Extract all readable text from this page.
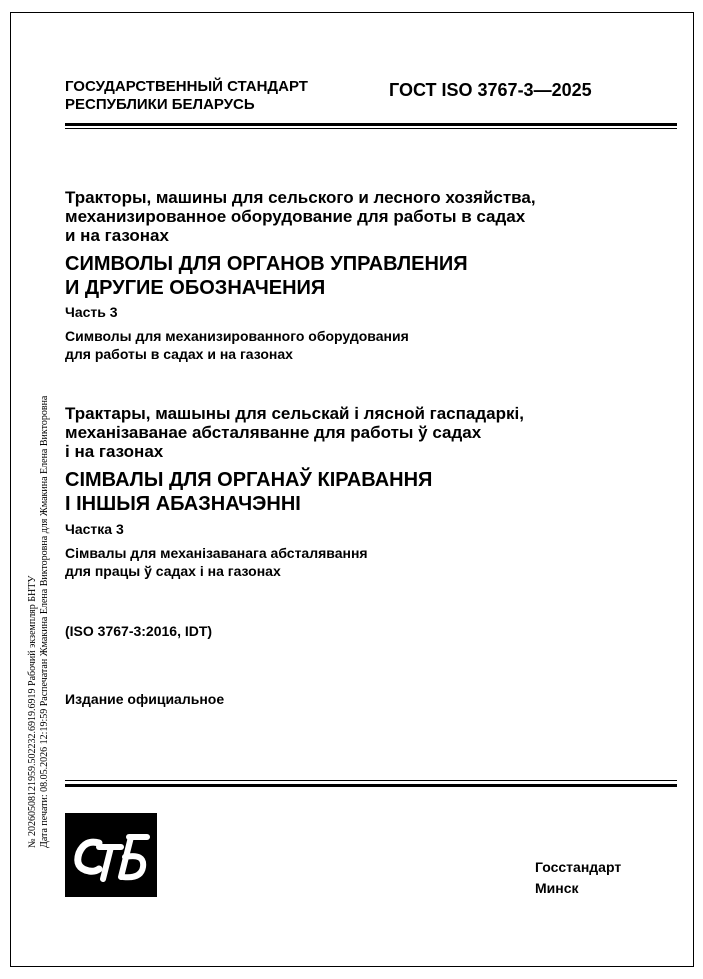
ГОСУДАРСТВЕННЫЙ СТАНДАРТ
РЕСПУБЛИКИ БЕЛАРУСЬ
ГОСТ ISO 3767-3—2025
Тракторы, машины для сельского и лесного хозяйства,
механизированное оборудование для работы в садах
и на газонах
СИМВОЛЫ ДЛЯ ОРГАНОВ УПРАВЛЕНИЯ
И ДРУГИЕ ОБОЗНАЧЕНИЯ
Часть 3
Символы для механизированного оборудования
для работы в садах и на газонах
Трактары, машыны для сельскай і лясной гаспадаркі,
механізаванае абсталяванне для работы ў садах
і на газонах
СІМВАЛЫ ДЛЯ ОРГАНАЎ КІРАВАННЯ
І ІНШЫЯ АБАЗНАЧЭННІ
Частка 3
Сімвалы для механізаванага абсталявання
для працы ў садах і на газонах
(ISO 3767-3:2016, IDT)
Издание официальное
Госстандарт
Минск
№ 20260508121959.502232.6919.6919 Рабочий экземпляр БНТУ Дата печати: 08.05.2026 12:19:59 Распечатан Жмакина Елена Викторовна для Жмакина Елена Викторовна
